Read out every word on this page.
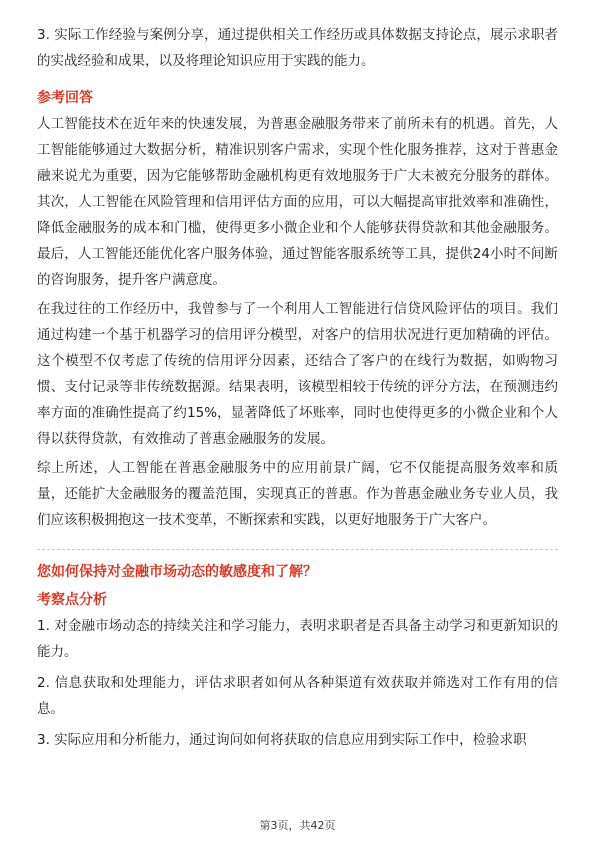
3. 实际工作经验与案例分享，通过提供相关工作经历或具体数据支持论点，展示求职者的实战经验和成果，以及将理论知识应用于实践的能力。

参考回答

人工智能技术在近年来的快速发展，为普惠金融服务带来了前所未有的机遇。首先，人工智能能够通过大数据分析，精准识别客户需求，实现个性化服务推荐，这对于普惠金融来说尤为重要，因为它能够帮助金融机构更有效地服务于广大未被充分服务的群体。其次，人工智能在风险管理和信用评估方面的应用，可以大幅提高审批效率和准确性，降低金融服务的成本和门槛，使得更多小微企业和个人能够获得贷款和其他金融服务。最后，人工智能还能优化客户服务体验，通过智能客服系统等工具，提供24小时不间断的咨询服务，提升客户满意度。

在我过往的工作经历中，我曾参与了一个利用人工智能进行信贷风险评估的项目。我们通过构建一个基于机器学习的信用评分模型，对客户的信用状况进行更加精确的评估。这个模型不仅考虑了传统的信用评分因素，还结合了客户的在线行为数据，如购物习惯、支付记录等非传统数据源。结果表明，该模型相较于传统的评分方法，在预测违约率方面的准确性提高了约15%，显著降低了坏账率，同时也使得更多的小微企业和个人得以获得贷款，有效推动了普惠金融服务的发展。

综上所述，人工智能在普惠金融服务中的应用前景广阔，它不仅能提高服务效率和质量，还能扩大金融服务的覆盖范围，实现真正的普惠。作为普惠金融业务专业人员，我们应该积极拥抱这一技术变革，不断探索和实践，以更好地服务于广大客户。

您如何保持对金融市场动态的敏感度和了解？

考察点分析

1. 对金融市场动态的持续关注和学习能力，表明求职者是否具备主动学习和更新知识的能力。

2. 信息获取和处理能力，评估求职者如何从各种渠道有效获取并筛选对工作有用的信息。

3. 实际应用和分析能力，通过询问如何将获取的信息应用到实际工作中，检验求职

第3页，共42页
